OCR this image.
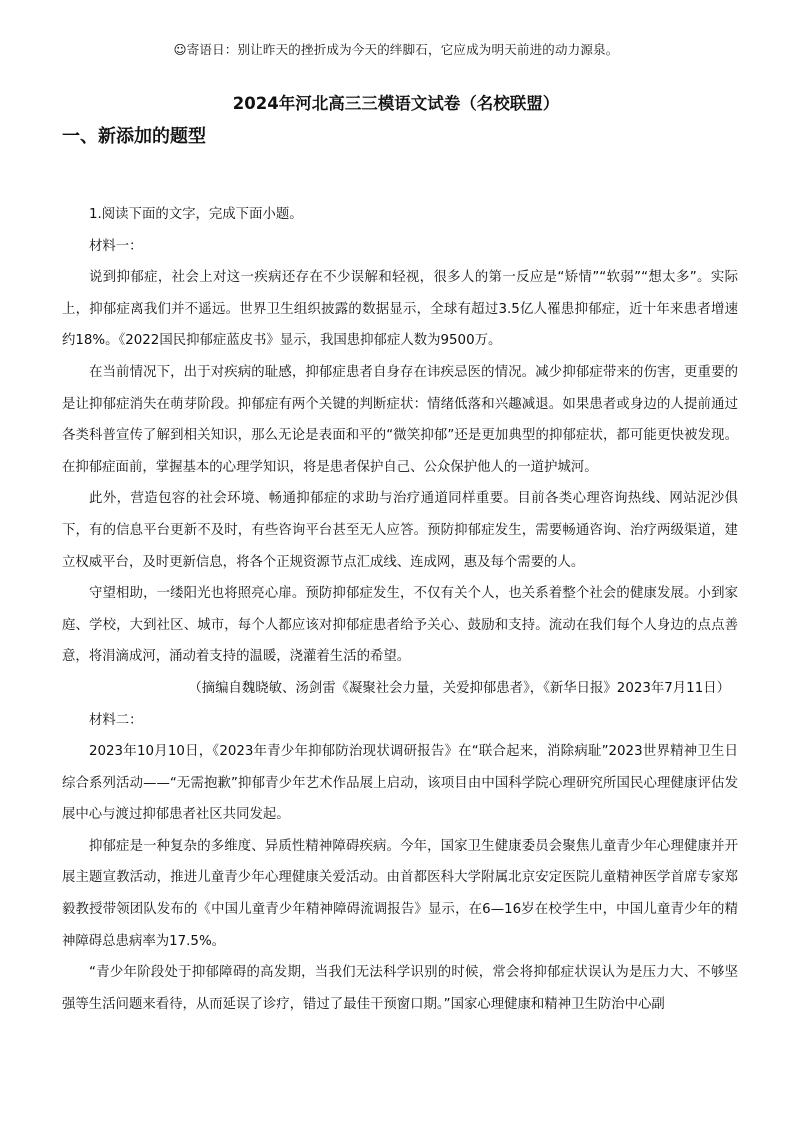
☺寄语日：别让昨天的挫折成为今天的绊脚石，它应成为明天前进的动力源泉。
2024年河北高三三模语文试卷（名校联盟）
一、新添加的题型

1.阅读下面的文字，完成下面小题。

材料一：

说到抑郁症，社会上对这一疾病还存在不少误解和轻视，很多人的第一反应是“矫情”“软弱”“想太多”。实际上，抑郁症离我们并不遥远。世界卫生组织披露的数据显示，全球有超过3.5亿人罹患抑郁症，近十年来患者增速约18%。《2022国民抑郁症蓝皮书》显示，我国患抑郁症人数为9500万。

在当前情况下，出于对疾病的耻感，抑郁症患者自身存在讳疾忌医的情况。减少抑郁症带来的伤害，更重要的是让抑郁症消失在萌芽阶段。抑郁症有两个关键的判断症状：情绪低落和兴趣减退。如果患者或身边的人提前通过各类科普宣传了解到相关知识，那么无论是表面和平的“微笑抑郁”还是更加典型的抑郁症状，都可能更快被发现。在抑郁症面前，掌握基本的心理学知识，将是患者保护自己、公众保护他人的一道护城河。

此外，营造包容的社会环境、畅通抑郁症的求助与治疗通道同样重要。目前各类心理咨询热线、网站泥沙俱下，有的信息平台更新不及时，有些咨询平台甚至无人应答。预防抑郁症发生，需要畅通咨询、治疗两级渠道，建立权威平台，及时更新信息，将各个正规资源节点汇成线、连成网，惠及每个需要的人。

守望相助，一缕阳光也将照亮心扉。预防抑郁症发生，不仅有关个人，也关系着整个社会的健康发展。小到家庭、学校，大到社区、城市，每个人都应该对抑郁症患者给予关心、鼓励和支持。流动在我们每个人身边的点点善意，将涓滴成河，涌动着支持的温暖，浇灌着生活的希望。

（摘编自魏晓敏、汤剑雷《凝聚社会力量，关爱抑郁患者》，《新华日报》2023年7月11日）

材料二：

2023年10月10日，《2023年青少年抑郁防治现状调研报告》在“联合起来，消除病耻”2023世界精神卫生日综合系列活动——“无需抱歉”抑郁青少年艺术作品展上启动，该项目由中国科学院心理研究所国民心理健康评估发展中心与渡过抑郁患者社区共同发起。

抑郁症是一种复杂的多维度、异质性精神障碍疾病。今年，国家卫生健康委员会聚焦儿童青少年心理健康并开展主题宣教活动，推进儿童青少年心理健康关爱活动。由首都医科大学附属北京安定医院儿童精神医学首席专家郑毅教授带领团队发布的《中国儿童青少年精神障碍流调报告》显示，在6—16岁在校学生中，中国儿童青少年的精神障碍总患病率为17.5%。

“青少年阶段处于抑郁障碍的高发期，当我们无法科学识别的时候，常会将抑郁症状误认为是压力大、不够坚强等生活问题来看待，从而延误了诊疗，错过了最佳干预窗口期。”国家心理健康和精神卫生防治中心副
